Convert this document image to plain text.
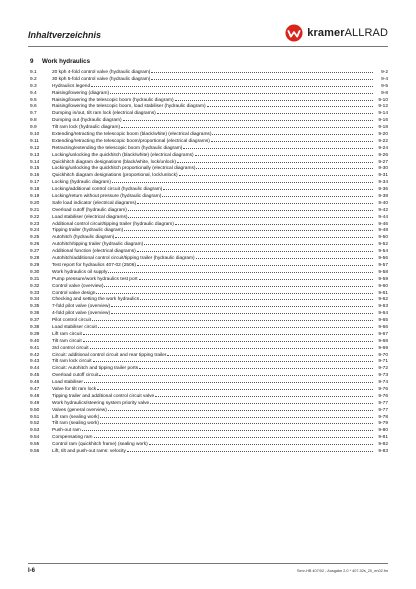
Inhaltverzeichnis	kramerALLRAD
9 Work hydraulics
9.1	20 kph 4-fold control valve (hydraulic diagram)	9-2
9.2	30 kph 5-fold control valve (hydraulic diagram)	9-4
9.3	Hydraulics legend	9-5
9.4	Raising/lowering (diagram)	9-8
9.5	Raising/lowering the telescopic boom (hydraulic diagram)	9-10
9.6	Raising/lowering the telescopic boom, load stabiliser (hydraulic diagram)	9-12
9.7	Dumping in/out, tilt ram lock (electrical diagrams)	9-14
9.8	Dumping out (hydraulic diagram)	9-16
9.9	Tilt ram lock (hydraulic diagram)	9-18
9.10	Extending/retracting the telescopic boom (black/white) (electrical diagrams)	9-20
9.11	Extending/retracting the telescopic boom/proportional (electrical diagrams)	9-22
9.12	Retracting/extending the telescopic boom (hydraulic diagram)	9-24
9.13	Locking/unlocking the quickhitch (black/white) (electrical diagrams)	9-26
9.14	Quickhitch diagram designations (black/white, lock/unlock)	9-27
9.15	Locking/unlocking the quickhitch proportionally (electrical diagrams)	9-30
9.16	Quickhitch diagram designations (proportional, lock/unlock)	9-31
9.17	Locking (hydraulic diagram)	9-34
9.18	Locking/additional control circuit (hydraulic diagram)	9-36
9.19	Locking/return without pressure (hydraulic diagram)	9-38
9.20	Safe load indicator (electrical diagrams)	9-40
9.21	Overload cutoff (hydraulic diagram)	9-42
9.22	Load stabiliser (electrical diagrams)	9-44
9.23	Additional control circuit/tipping trailer (hydraulic diagram)	9-46
9.24	Tipping trailer (hydraulic diagram)	9-48
9.25	Autohitch (hydraulic diagram)	9-50
9.26	Autohitch/tipping trailer (hydraulic diagram)	9-52
9.27	Additional function (electrical diagrams)	9-54
9.28	Autohitch/additional control circuit/tipping trailer (hydraulic diagram)	9-56
9.29	Test report for hydraulics 407-02 (2506)	9-57
9.30	Work hydraulics oil supply	9-58
9.31	Pump pressure/work hydraulics test port	9-59
9.32	Control valve (overview)	9-60
9.33	Control valve design	9-61
9.34	Checking and setting the work hydraulics	9-62
9.35	7-fold pilot valve (overview)	9-63
9.36	4-fold pilot valve (overview)	9-64
9.37	Pilot control circuit	9-65
9.38	Load stabiliser circuit	9-66
9.39	Lift ram circuit	9-67
9.40	Tilt ram circuit	9-68
9.41	3rd control circuit	9-69
9.42	Circuit: additional control circuit and rear tipping trailer	9-70
9.43	Tilt ram lock circuit	9-71
9.44	Circuit: Autohitch and tipping trailer ports	9-72
9.45	Overload cutoff circuit	9-73
9.46	Load stabiliser	9-74
9.47	Valve for tilt ram lock	9-76
9.48	Tipping trailer and additional control circuit valve	9-76
9.49	Work hydraulics/steering system priority valve	9-77
9.50	Valves (general overview)	9-77
9.51	Lift ram (sealing work)	9-78
9.52	Tilt ram (sealing work)	9-79
9.53	Push-out ram	9-80
9.54	Compensating ram	9-81
9.55	Control ram (quickhitch frame) (sealing work)	9-82
9.56	Lift, tilt and push-out rams: velocity	9-83
I-6	Serv-HB 407/02 - Ausgabe 2.0 * 407-02s_20_en02.fm
